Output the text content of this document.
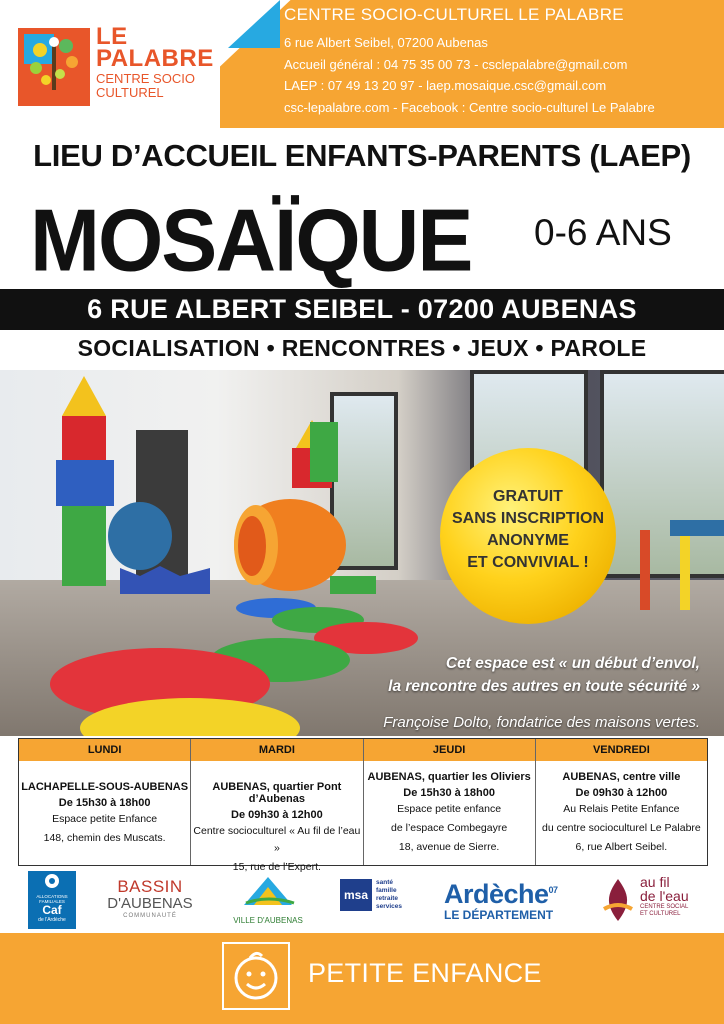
LE
PALABRE
CENTRE SOCIO
CULTUREL
CENTRE SOCIO-CULTUREL LE PALABRE
6 rue Albert Seibel, 07200 Aubenas
Accueil général : 04 75 35 00 73 - csclepalabre@gmail.com
LAEP : 07 49 13 20 97 - laep.mosaique.csc@gmail.com
csc-lepalabre.com - Facebook : Centre socio-culturel Le Palabre
LIEU D’ACCUEIL ENFANTS-PARENTS (LAEP)
MOSAÏQUE 0-6 ANS
6 RUE ALBERT SEIBEL - 07200 AUBENAS
SOCIALISATION • RENCONTRES • JEUX • PAROLE
GRATUIT
SANS INSCRIPTION
ANONYME
ET CONVIVIAL !
Cet espace est « un début d’envol,
la rencontre des autres en toute sécurité »
Françoise Dolto, fondatrice des maisons vertes.
LUNDI
LACHAPELLE-SOUS-AUBENAS
De 15h30 à 18h00
Espace petite Enfance
148, chemin des Muscats.
MARDI
AUBENAS, quartier Pont d’Aubenas
De 09h30 à 12h00
Centre socioculturel « Au fil de l’eau »
15, rue de l’Expert.
JEUDI
AUBENAS, quartier les Oliviers
De 15h30 à 18h00
Espace petite enfance
de l’espace Combegayre
18, avenue de Sierre.
VENDREDI
AUBENAS, centre ville
De 09h30 à 12h00
Au Relais Petite Enfance
du centre socioculturel Le Palabre
6, rue Albert Seibel.
ALLOCATIONS
FAMILIALES
Caf
de l'Ardèche
BASSIN
D'AUBENAS
COMMUNAUTÉ	VILLE D'AUBENAS
msa
santé
famille
retraite
services Ardèche$^{07}$
LE DÉPARTEMENT
au fil
de l'eau
CENTRE SOCIAL
ET CULTUREL
PETITE ENFANCE
